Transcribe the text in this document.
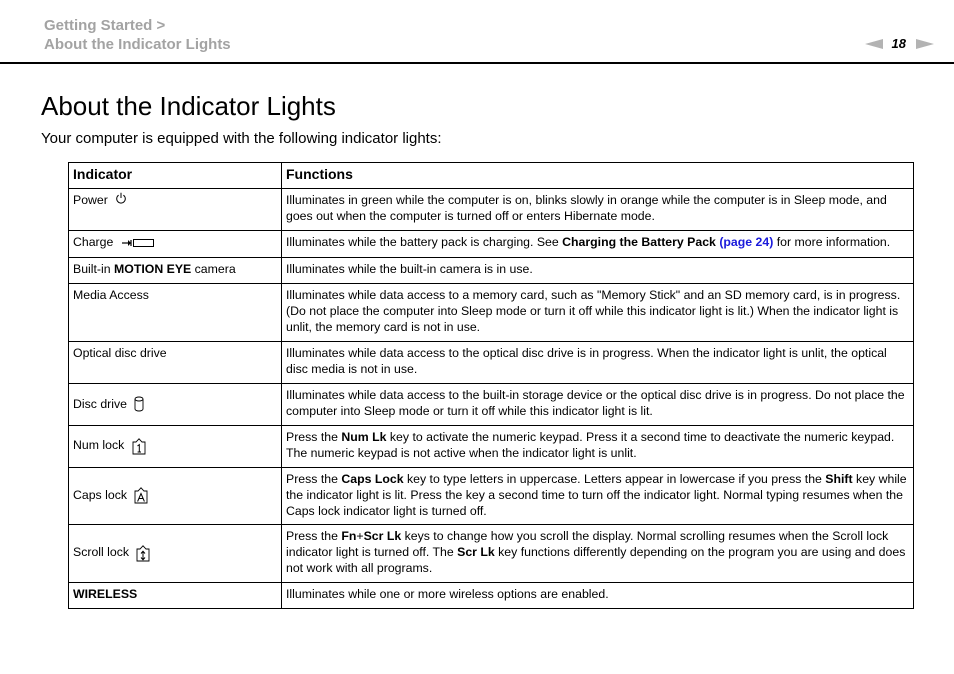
Getting Started >
About the Indicator Lights	18
About the Indicator Lights

Your computer is equipped with the following indicator lights:

Indicator	Functions
Power	Illuminates in green while the computer is on, blinks slowly in orange while the computer is in Sleep mode, and goes out when the computer is turned off or enters Hibernate mode.
Charge	Illuminates while the battery pack is charging. See Charging the Battery Pack (page 24) for more information.
Built-in MOTION EYE camera	Illuminates while the built-in camera is in use.
Media Access	Illuminates while data access to a memory card, such as "Memory Stick" and an SD memory card, is in progress. (Do not place the computer into Sleep mode or turn it off while this indicator light is lit.) When the indicator light is unlit, the memory card is not in use.
Optical disc drive	Illuminates while data access to the optical disc drive is in progress. When the indicator light is unlit, the optical disc media is not in use.
Disc drive	Illuminates while data access to the built-in storage device or the optical disc drive is in progress. Do not place the computer into Sleep mode or turn it off while this indicator light is lit.
Num lock	Press the Num Lk key to activate the numeric keypad. Press it a second time to deactivate the numeric keypad. The numeric keypad is not active when the indicator light is unlit.
Caps lock	Press the Caps Lock key to type letters in uppercase. Letters appear in lowercase if you press the Shift key while the indicator light is lit. Press the key a second time to turn off the indicator light. Normal typing resumes when the Caps lock indicator light is turned off.
Scroll lock	Press the Fn+Scr Lk keys to change how you scroll the display. Normal scrolling resumes when the Scroll lock indicator light is turned off. The Scr Lk key functions differently depending on the program you are using and does not work with all programs.
WIRELESS	Illuminates while one or more wireless options are enabled.
